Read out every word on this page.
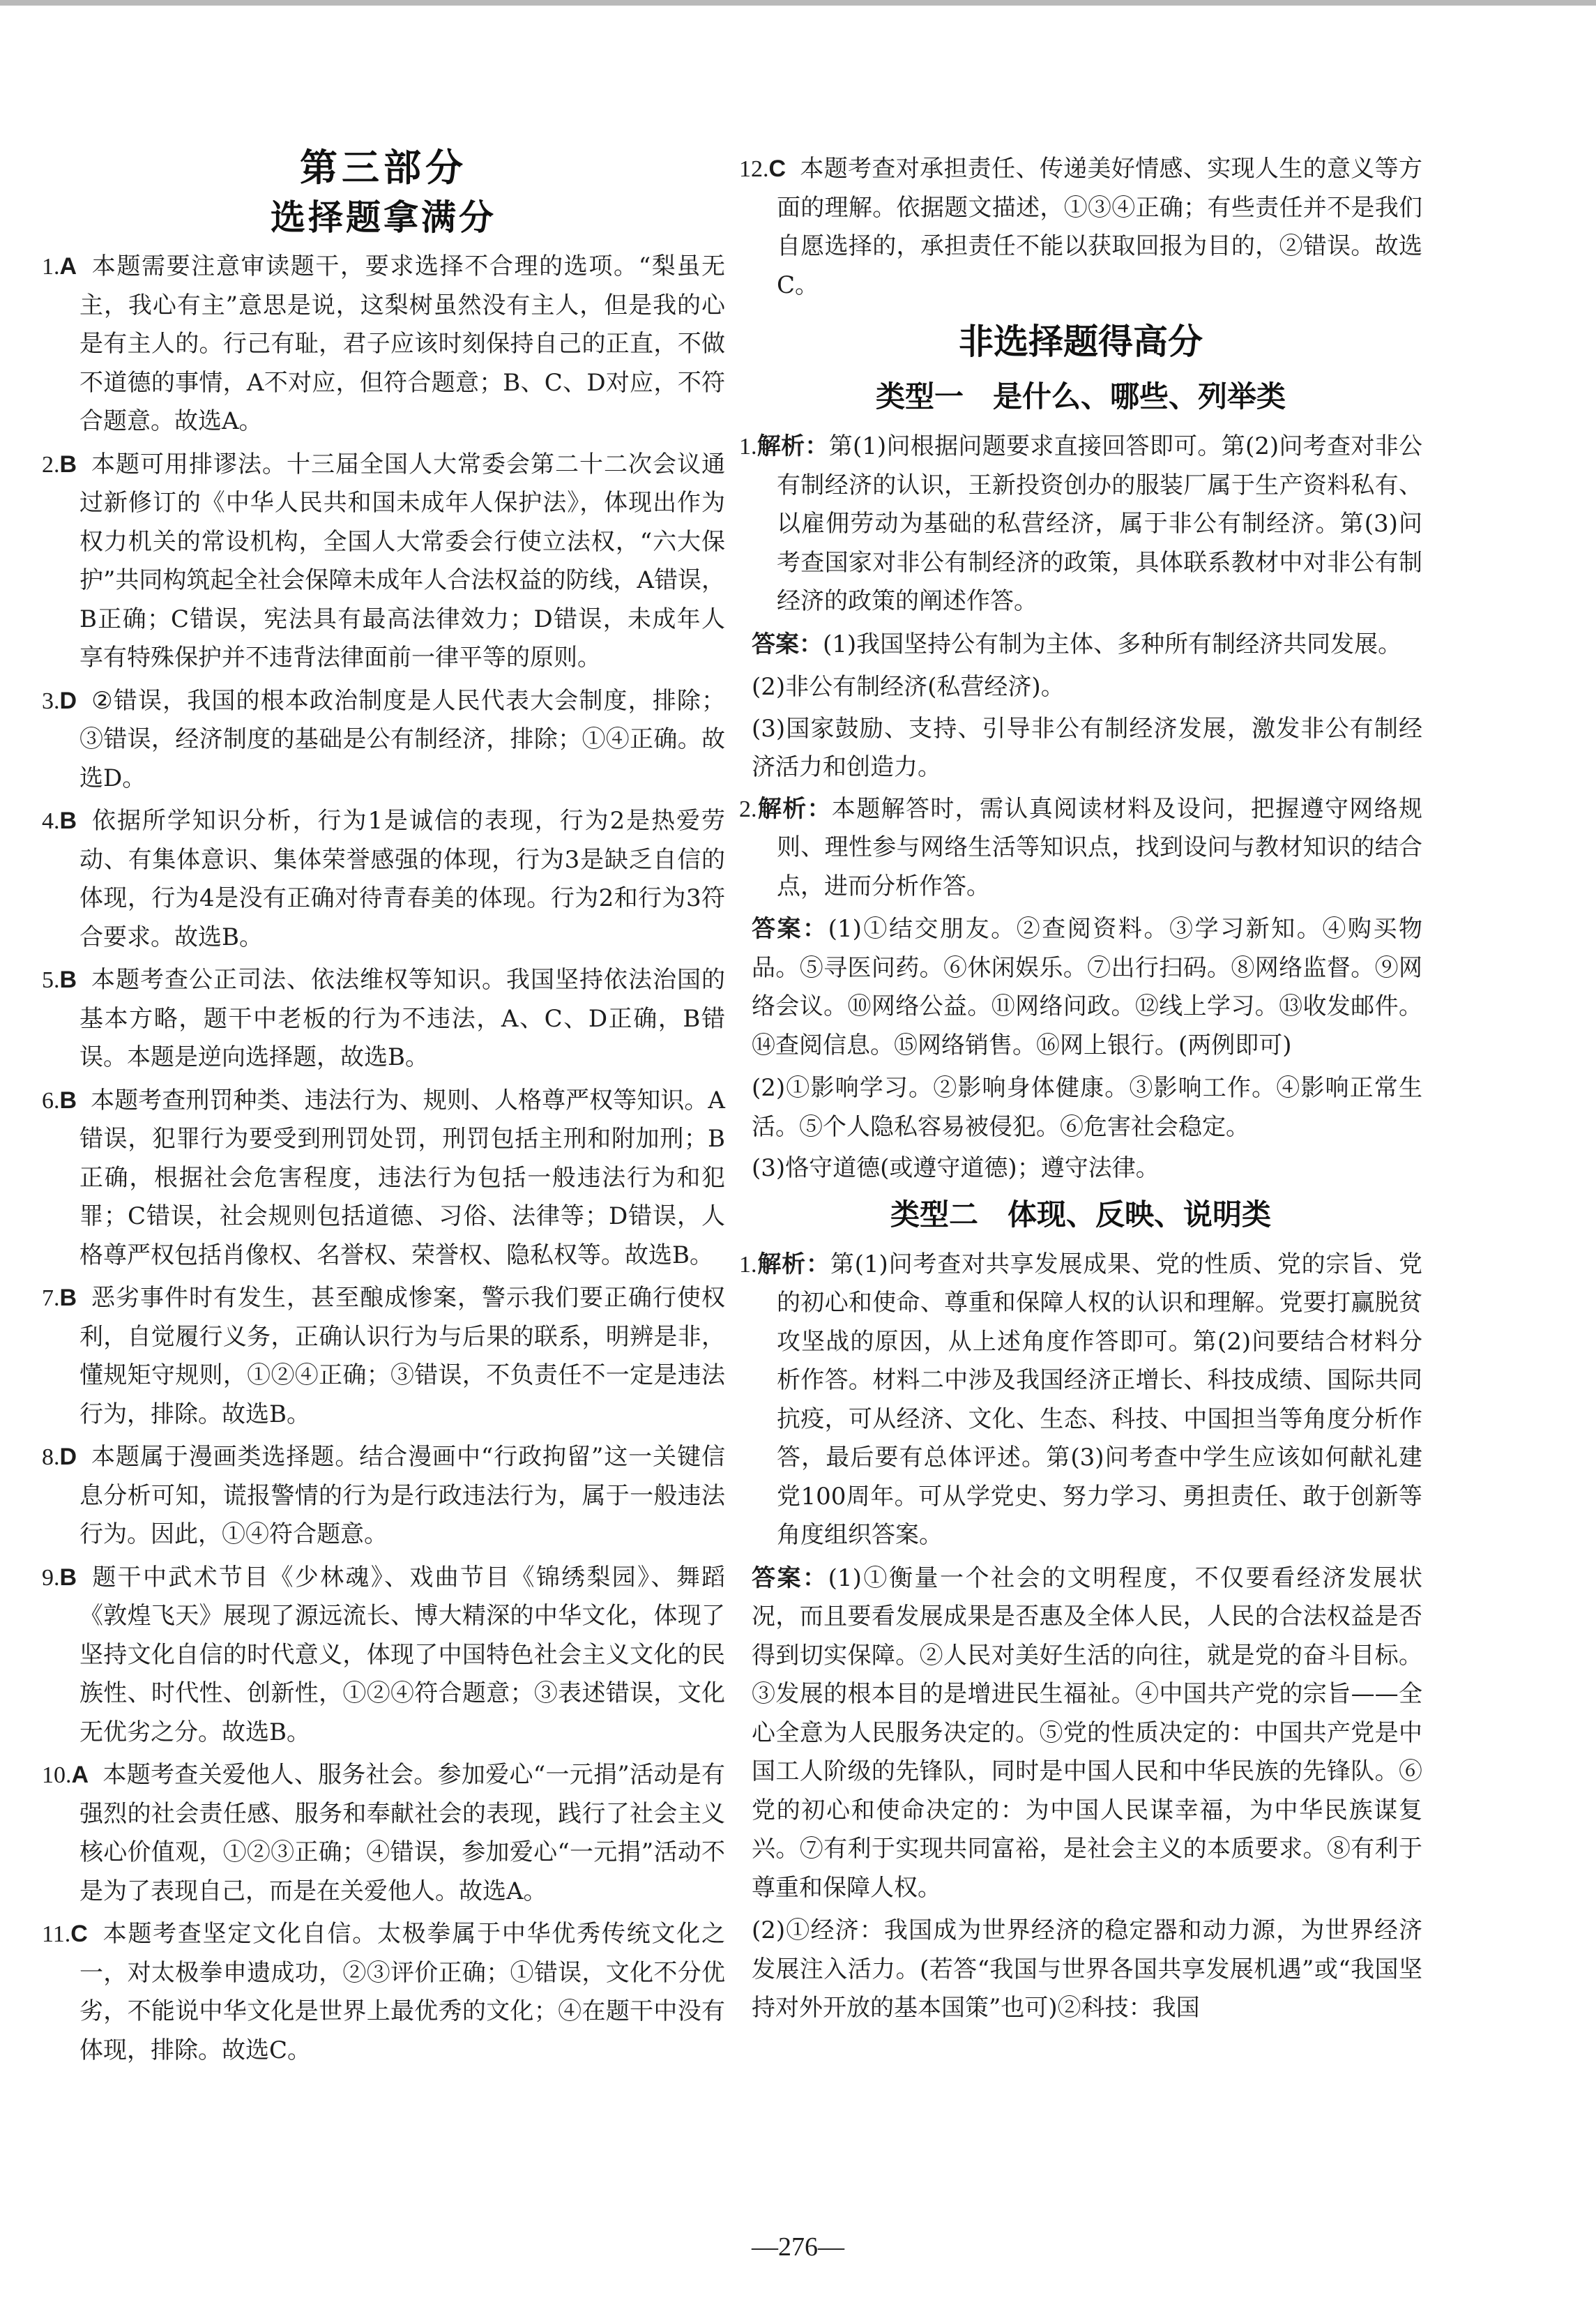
第三部分
选择题拿满分
1.A 本题需要注意审读题干，要求选择不合理的选项。“梨虽无主，我心有主”意思是说，这梨树虽然没有主人，但是我的心是有主人的。行己有耻，君子应该时刻保持自己的正直，不做不道德的事情，A不对应，但符合题意；B、C、D对应，不符合题意。故选A。
2.B 本题可用排谬法。十三届全国人大常委会第二十二次会议通过新修订的《中华人民共和国未成年人保护法》，体现出作为权力机关的常设机构，全国人大常委会行使立法权，“六大保护”共同构筑起全社会保障未成年人合法权益的防线，A错误，B正确；C错误，宪法具有最高法律效力；D错误，未成年人享有特殊保护并不违背法律面前一律平等的原则。
3.D ②错误，我国的根本政治制度是人民代表大会制度，排除；③错误，经济制度的基础是公有制经济，排除；①④正确。故选D。
4.B 依据所学知识分析，行为1是诚信的表现，行为2是热爱劳动、有集体意识、集体荣誉感强的体现，行为3是缺乏自信的体现，行为4是没有正确对待青春美的体现。行为2和行为3符合要求。故选B。
5.B 本题考查公正司法、依法维权等知识。我国坚持依法治国的基本方略，题干中老板的行为不违法，A、C、D正确，B错误。本题是逆向选择题，故选B。
6.B 本题考查刑罚种类、违法行为、规则、人格尊严权等知识。A错误，犯罪行为要受到刑罚处罚，刑罚包括主刑和附加刑；B正确，根据社会危害程度，违法行为包括一般违法行为和犯罪；C错误，社会规则包括道德、习俗、法律等；D错误，人格尊严权包括肖像权、名誉权、荣誉权、隐私权等。故选B。
7.B 恶劣事件时有发生，甚至酿成惨案，警示我们要正确行使权利，自觉履行义务，正确认识行为与后果的联系，明辨是非，懂规矩守规则，①②④正确；③错误，不负责任不一定是违法行为，排除。故选B。
8.D 本题属于漫画类选择题。结合漫画中“行政拘留”这一关键信息分析可知，谎报警情的行为是行政违法行为，属于一般违法行为。因此，①④符合题意。
9.B 题干中武术节目《少林魂》、戏曲节目《锦绣梨园》、舞蹈《敦煌飞天》展现了源远流长、博大精深的中华文化，体现了坚持文化自信的时代意义，体现了中国特色社会主义文化的民族性、时代性、创新性，①②④符合题意；③表述错误，文化无优劣之分。故选B。
10.A 本题考查关爱他人、服务社会。参加爱心“一元捐”活动是有强烈的社会责任感、服务和奉献社会的表现，践行了社会主义核心价值观，①②③正确；④错误，参加爱心“一元捐”活动不是为了表现自己，而是在关爱他人。故选A。
11.C 本题考查坚定文化自信。太极拳属于中华优秀传统文化之一，对太极拳申遗成功，②③评价正确；①错误，文化不分优劣，不能说中华文化是世界上最优秀的文化；④在题干中没有体现，排除。故选C。
12.C 本题考查对承担责任、传递美好情感、实现人生的意义等方面的理解。依据题文描述，①③④正确；有些责任并不是我们自愿选择的，承担责任不能以获取回报为目的，②错误。故选C。
非选择题得高分
类型一　是什么、哪些、列举类
1.解析：第(1)问根据问题要求直接回答即可。第(2)问考查对非公有制经济的认识，王新投资创办的服装厂属于生产资料私有、以雇佣劳动为基础的私营经济，属于非公有制经济。第(3)问考查国家对非公有制经济的政策，具体联系教材中对非公有制经济的政策的阐述作答。
答案：(1)我国坚持公有制为主体、多种所有制经济共同发展。
(2)非公有制经济(私营经济)。
(3)国家鼓励、支持、引导非公有制经济发展，激发非公有制经济活力和创造力。
2.解析：本题解答时，需认真阅读材料及设问，把握遵守网络规则、理性参与网络生活等知识点，找到设问与教材知识的结合点，进而分析作答。
答案：(1)①结交朋友。②查阅资料。③学习新知。④购买物品。⑤寻医问药。⑥休闲娱乐。⑦出行扫码。⑧网络监督。⑨网络会议。⑩网络公益。⑪网络问政。⑫线上学习。⑬收发邮件。⑭查阅信息。⑮网络销售。⑯网上银行。(两例即可)
(2)①影响学习。②影响身体健康。③影响工作。④影响正常生活。⑤个人隐私容易被侵犯。⑥危害社会稳定。
(3)恪守道德(或遵守道德)；遵守法律。
类型二　体现、反映、说明类
1.解析：第(1)问考查对共享发展成果、党的性质、党的宗旨、党的初心和使命、尊重和保障人权的认识和理解。党要打赢脱贫攻坚战的原因，从上述角度作答即可。第(2)问要结合材料分析作答。材料二中涉及我国经济正增长、科技成绩、国际共同抗疫，可从经济、文化、生态、科技、中国担当等角度分析作答，最后要有总体评述。第(3)问考查中学生应该如何献礼建党100周年。可从学党史、努力学习、勇担责任、敢于创新等角度组织答案。
答案：(1)①衡量一个社会的文明程度，不仅要看经济发展状况，而且要看发展成果是否惠及全体人民，人民的合法权益是否得到切实保障。②人民对美好生活的向往，就是党的奋斗目标。③发展的根本目的是增进民生福祉。④中国共产党的宗旨——全心全意为人民服务决定的。⑤党的性质决定的：中国共产党是中国工人阶级的先锋队，同时是中国人民和中华民族的先锋队。⑥党的初心和使命决定的：为中国人民谋幸福，为中华民族谋复兴。⑦有利于实现共同富裕，是社会主义的本质要求。⑧有利于尊重和保障人权。
(2)①经济：我国成为世界经济的稳定器和动力源，为世界经济发展注入活力。(若答“我国与世界各国共享发展机遇”或“我国坚持对外开放的基本国策”也可)②科技：我国
—276—
